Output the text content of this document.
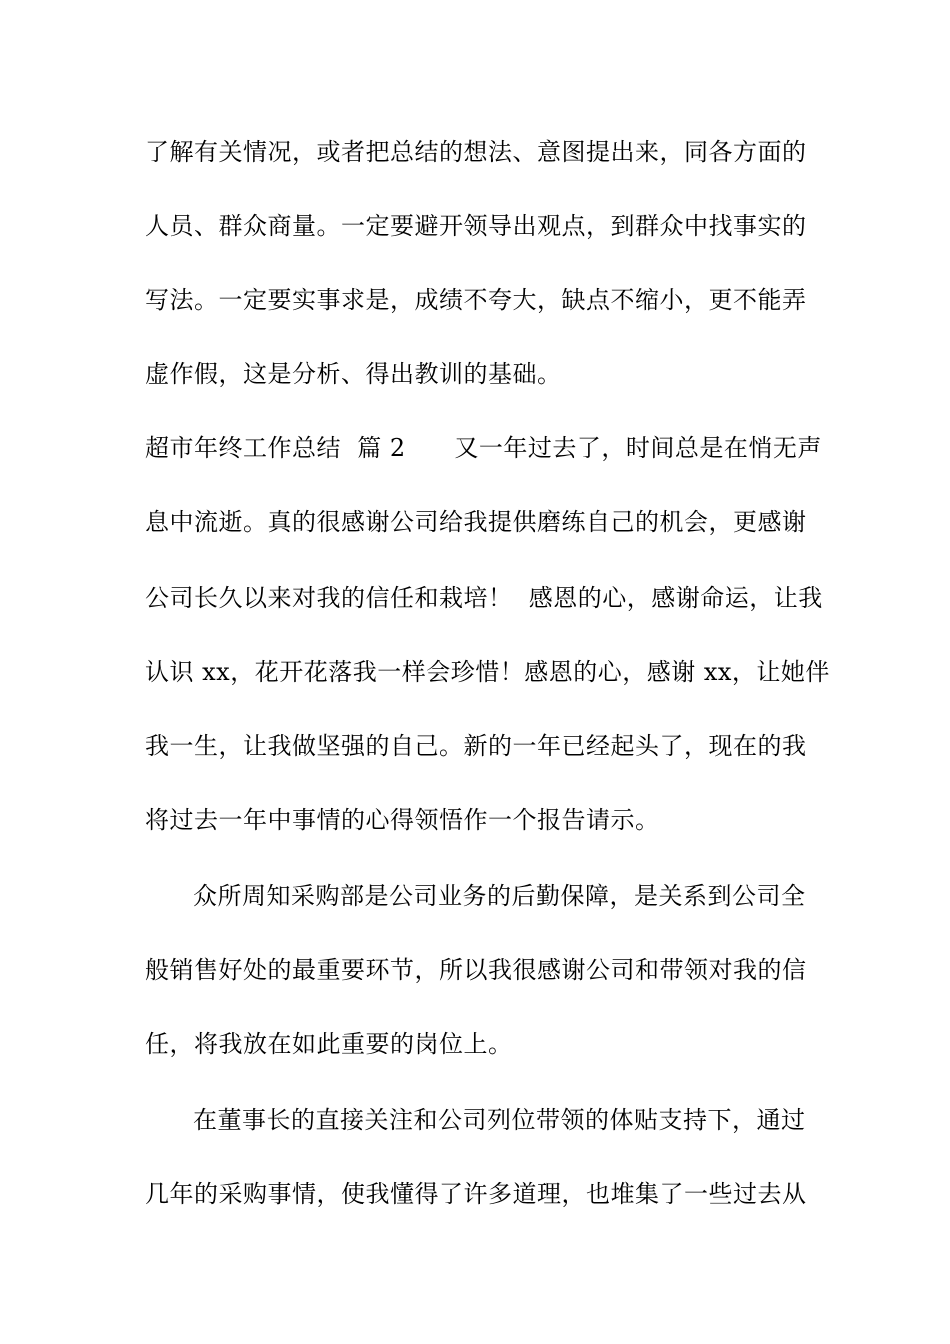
了解有关情况，或者把总结的想法、意图提出来，同各方面的
人员、群众商量。一定要避开领导出观点，到群众中找事实的
写法。一定要实事求是，成绩不夸大，缺点不缩小，更不能弄
虚作假，这是分析、得出教训的基础。
超市年终工作总结  篇 2      又一年过去了，时间总是在悄无声
息中流逝。真的很感谢公司给我提供磨练自己的机会，更感谢
公司长久以来对我的信任和栽培！  感恩的心，感谢命运，让我
认识 xx，花开花落我一样会珍惜！感恩的心，感谢 xx，让她伴
我一生，让我做坚强的自己。新的一年已经起头了，现在的我
将过去一年中事情的心得领悟作一个报告请示。
众所周知采购部是公司业务的后勤保障，是关系到公司全
般销售好处的最重要环节，所以我很感谢公司和带领对我的信
任，将我放在如此重要的岗位上。
在董事长的直接关注和公司列位带领的体贴支持下，通过
几年的采购事情，使我懂得了许多道理，也堆集了一些过去从
